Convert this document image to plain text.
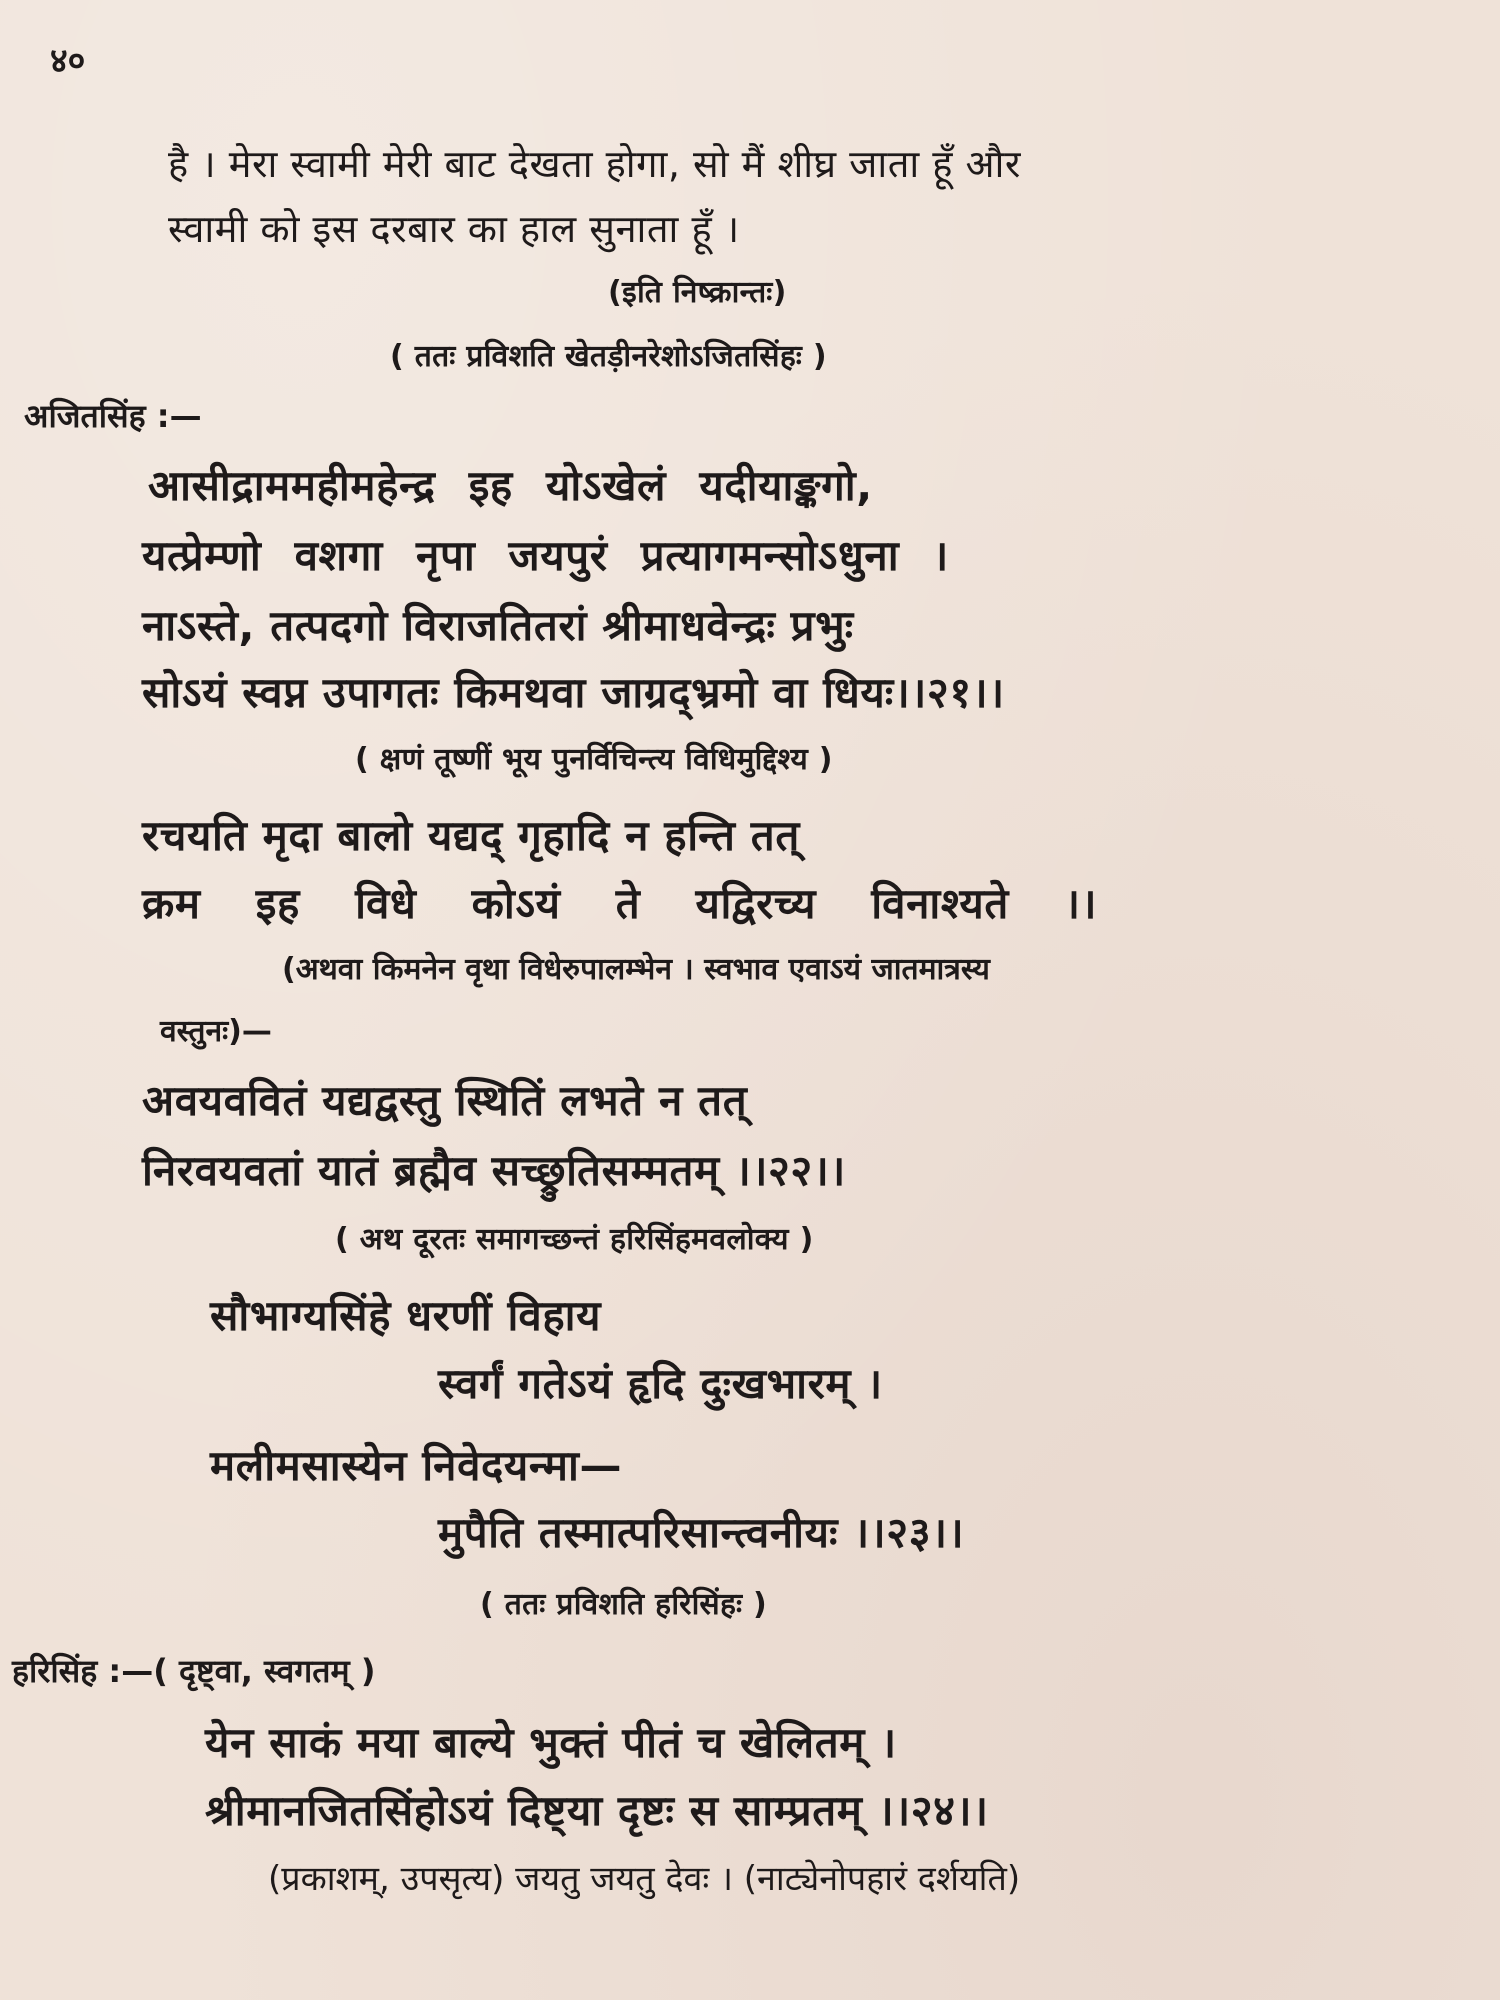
४०
है । मेरा स्वामी मेरी बाट देखता होगा, सो मैं शीघ्र जाता हूँ और
स्वामी को इस दरबार का हाल सुनाता हूँ ।
(इति निष्क्रान्तः)
( ततः प्रविशति खेतड़ीनरेशोऽजितसिंहः )
अजितसिंह :—
आसीद्राममहीमहेन्द्र इह योऽखेलं यदीयाङ्कगो,
यत्प्रेम्णो वशगा नृपा जयपुरं प्रत्यागमन्सोऽधुना ।
नाऽस्ते, तत्पदगो विराजतितरां श्रीमाधवेन्द्रः प्रभुः
सोऽयं स्वप्न उपागतः किमथवा जाग्रद्भ्रमो वा धियः।।२१।।
( क्षणं तूष्णीं भूय पुनर्विचिन्त्य विधिमुद्दिश्य )
रचयति मृदा बालो यद्यद् गृहादि न हन्ति तत्
क्रम इह विधे कोऽयं ते यद्विरच्य विनाश्यते ।।
(अथवा किमनेन वृथा विधेरुपालम्भेन । स्वभाव एवाऽयं जातमात्रस्य
वस्तुनः)—
अवयववितं यद्यद्वस्तु स्थितिं लभते न तत्
निरवयवतां यातं ब्रह्मैव सच्छ्रुतिसम्मतम् ।।२२।।
( अथ दूरतः समागच्छन्तं हरिसिंहमवलोक्य )
सौभाग्यसिंहे धरणीं विहाय
स्वर्गं गतेऽयं हृदि दुःखभारम् ।
मलीमसास्येन निवेदयन्मा—
मुपैति तस्मात्परिसान्त्वनीयः ।।२३।।
( ततः प्रविशति हरिसिंहः )
हरिसिंह :—( दृष्ट्वा, स्वगतम् )
येन साकं मया बाल्ये भुक्तं पीतं च खेलितम् ।
श्रीमानजितसिंहोऽयं दिष्ट्या दृष्टः स साम्प्रतम् ।।२४।।
(प्रकाशम्, उपसृत्य) जयतु जयतु देवः । (नाट्येनोपहारं दर्शयति)
